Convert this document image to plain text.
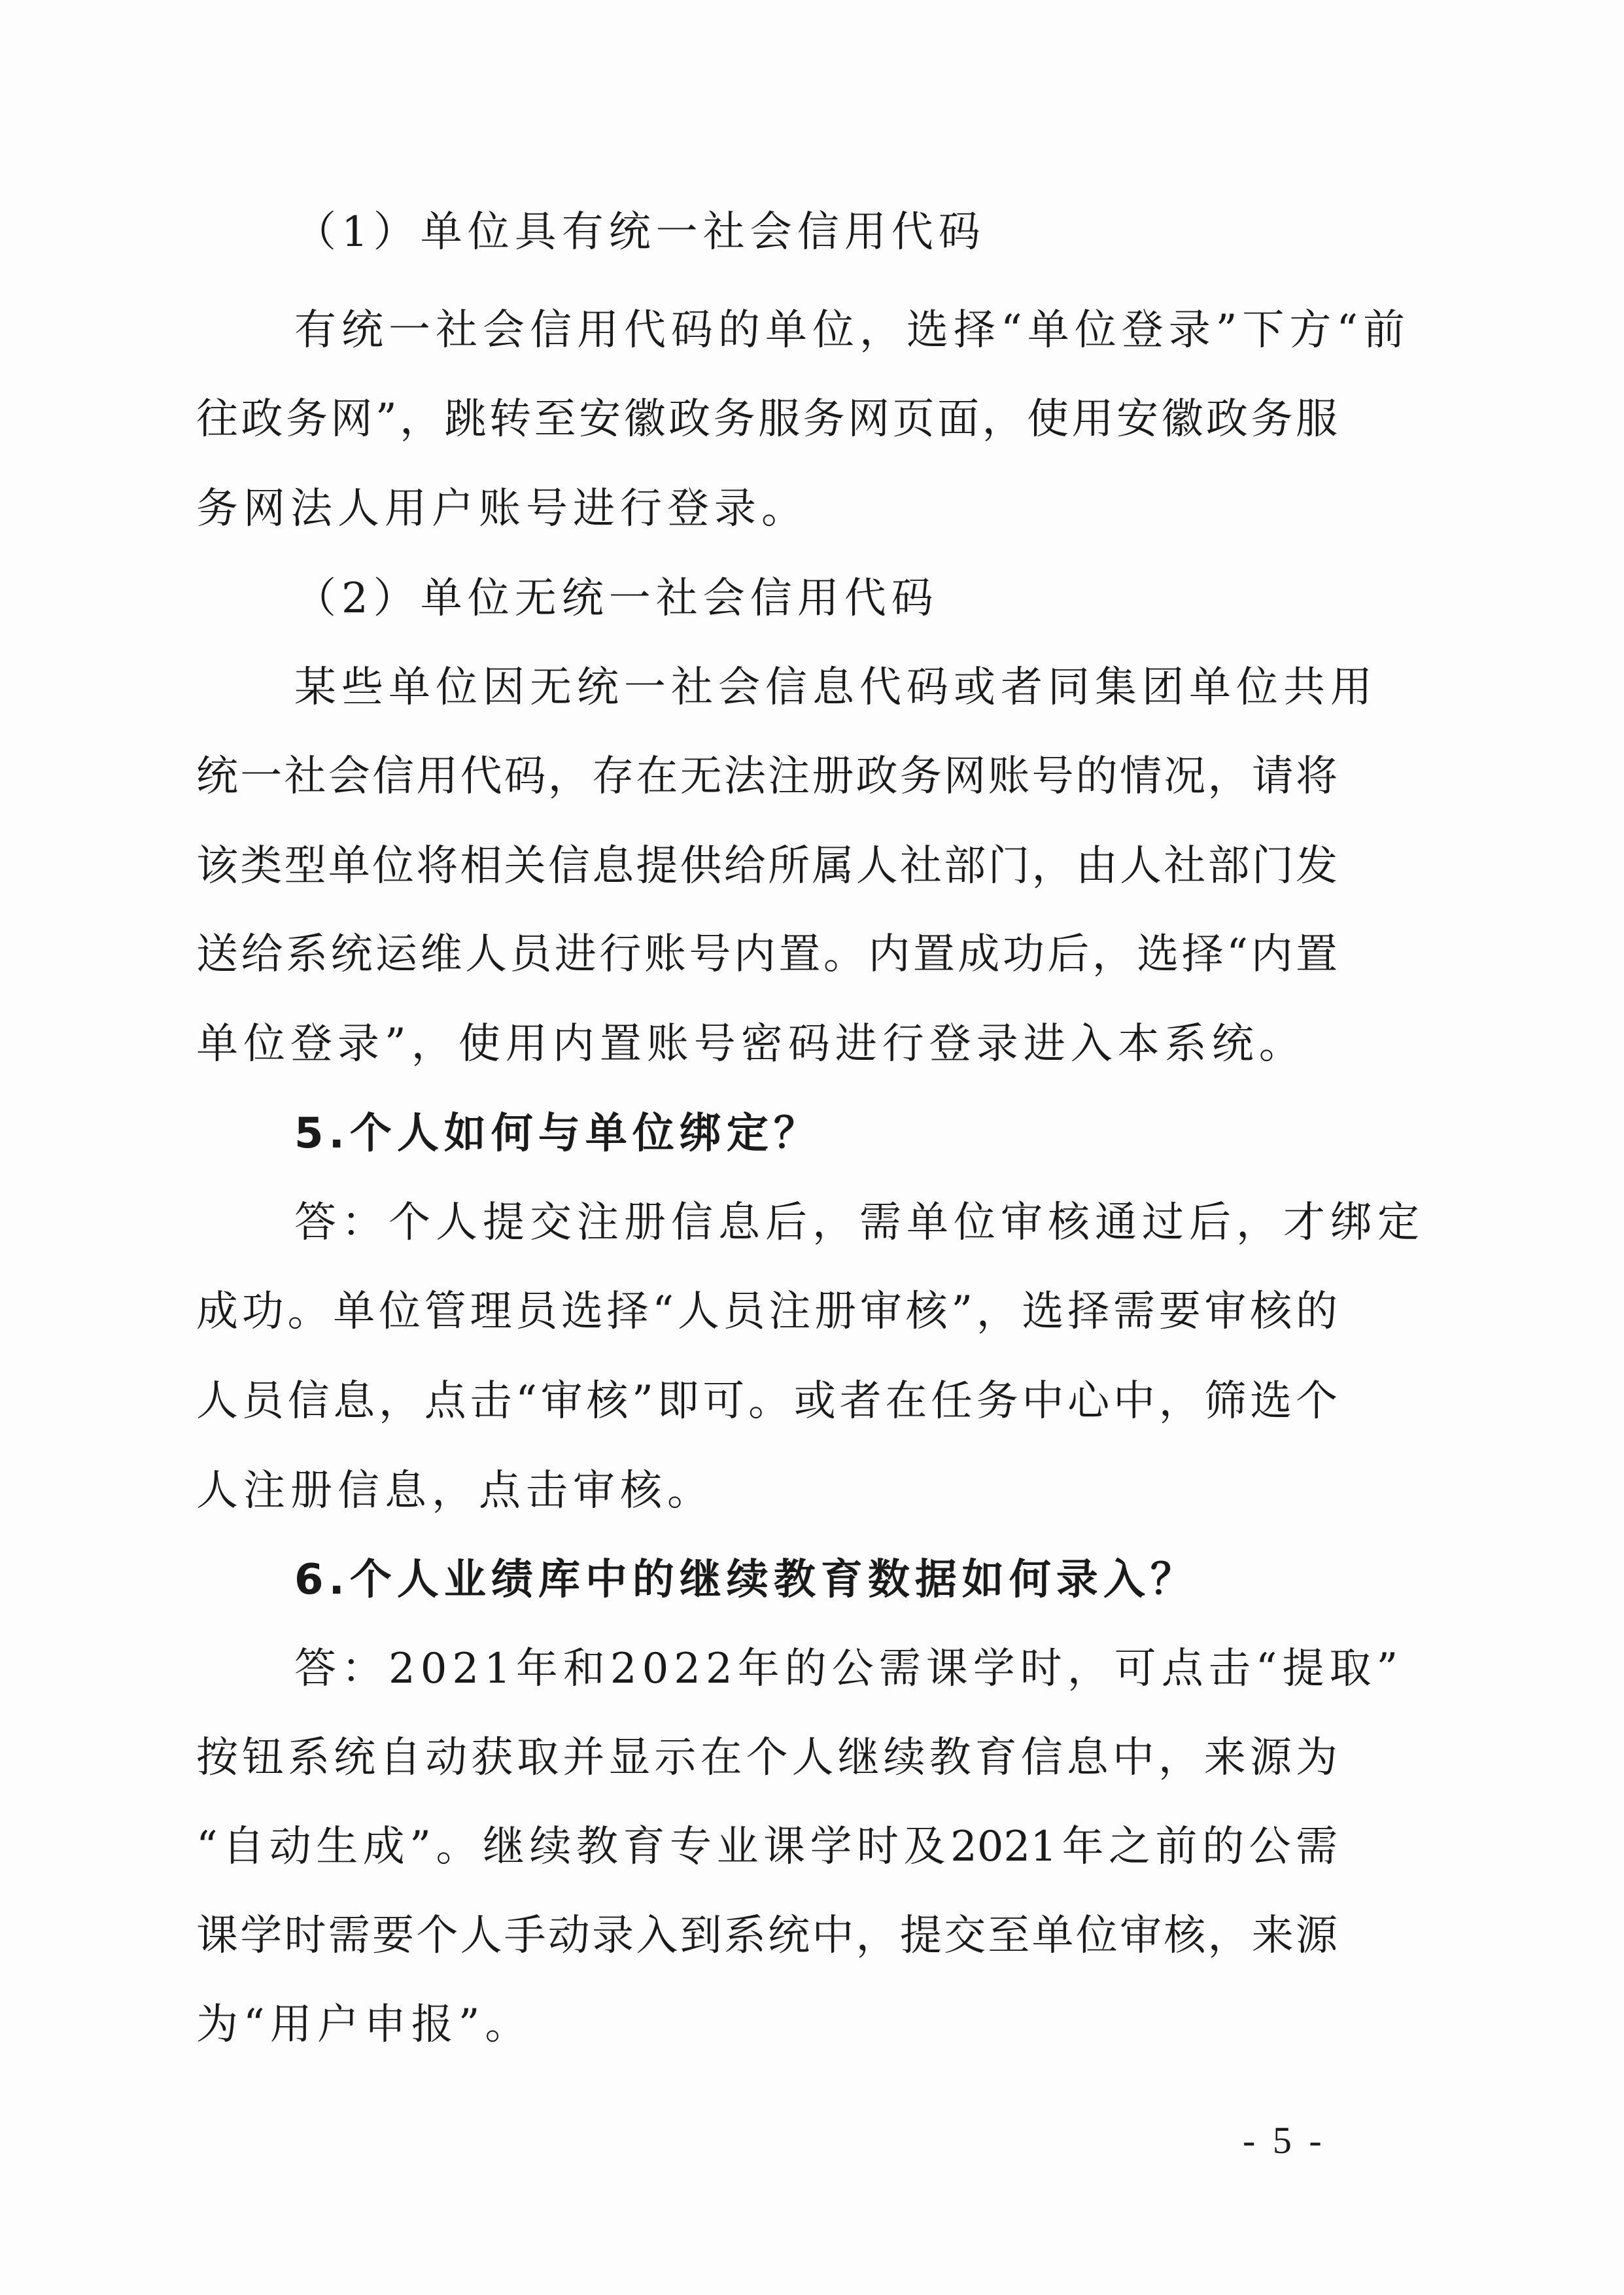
（1）单位具有统一社会信用代码

有统一社会信用代码的单位，选择“单位登录”下方“前

往政务网”，跳转至安徽政务服务网页面，使用安徽政务服

务网法人用户账号进行登录。

（2）单位无统一社会信用代码

某些单位因无统一社会信息代码或者同集团单位共用

统一社会信用代码，存在无法注册政务网账号的情况，请将

该类型单位将相关信息提供给所属人社部门，由人社部门发

送给系统运维人员进行账号内置。内置成功后，选择“内置

单位登录”，使用内置账号密码进行登录进入本系统。

5.个人如何与单位绑定？

答：个人提交注册信息后，需单位审核通过后，才绑定

成功。单位管理员选择“人员注册审核”，选择需要审核的

人员信息，点击“审核”即可。或者在任务中心中，筛选个

人注册信息，点击审核。

6.个人业绩库中的继续教育数据如何录入？

答：2021年和2022年的公需课学时，可点击“提取”

按钮系统自动获取并显示在个人继续教育信息中，来源为

“自动生成”。继续教育专业课学时及2021年之前的公需

课学时需要个人手动录入到系统中，提交至单位审核，来源

为“用户申报”。

- 5 -
